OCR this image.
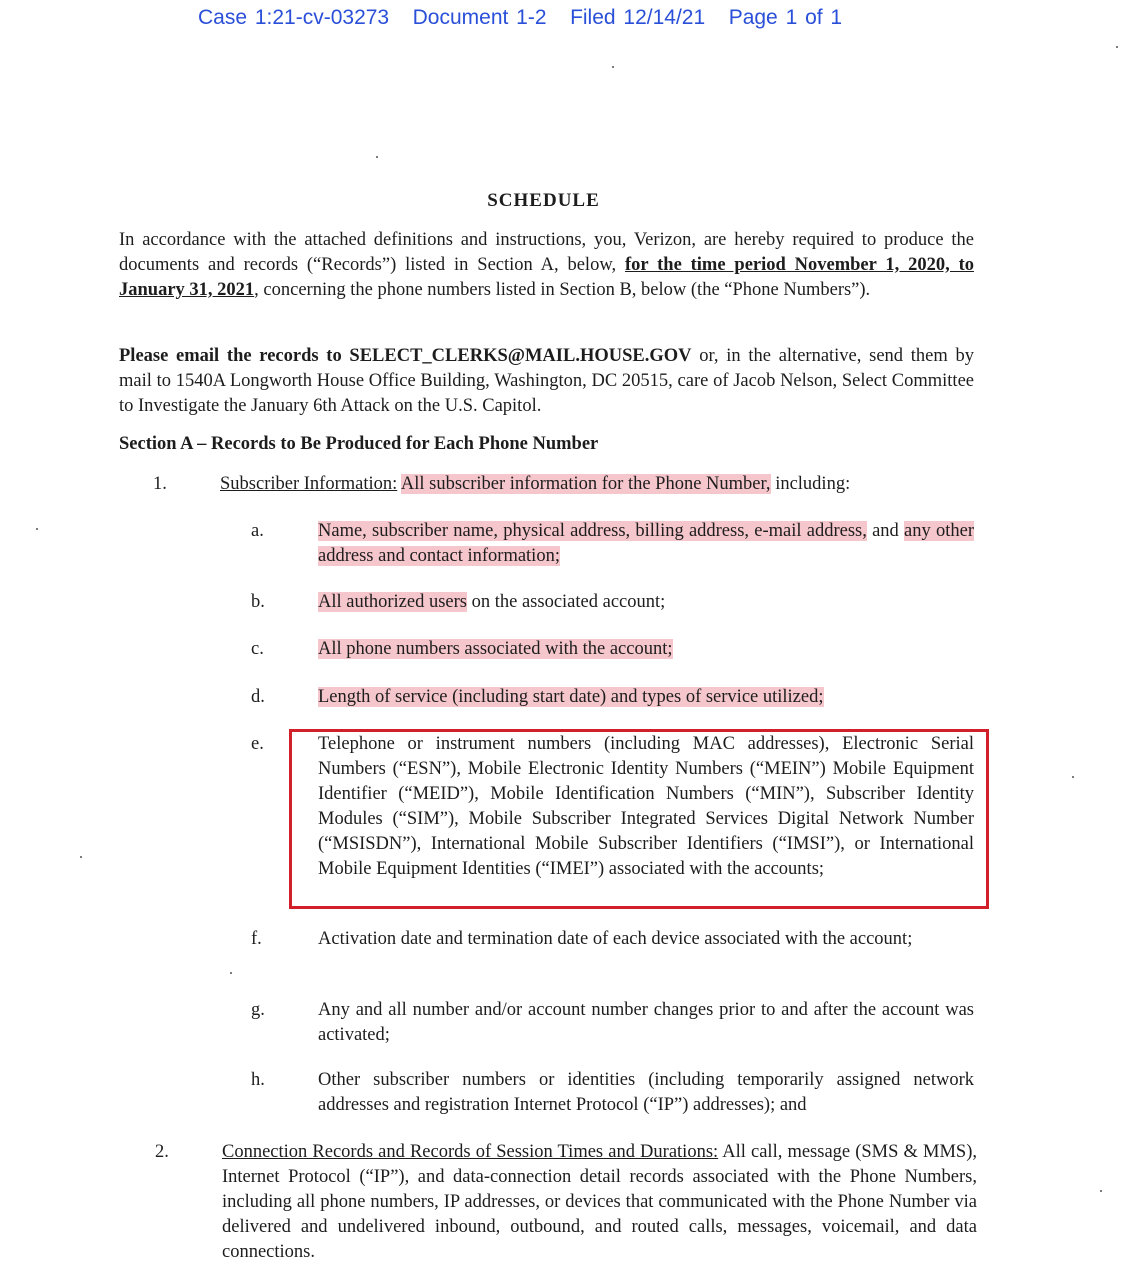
Case 1:21-cv-03273 Document 1-2 Filed 12/14/21 Page 1 of 1
SCHEDULE
In accordance with the attached definitions and instructions, you, Verizon, are hereby required to produce the documents and records (“Records”) listed in Section A, below, for the time period November 1, 2020, to January 31, 2021, concerning the phone numbers listed in Section B, below (the “Phone Numbers”).
Please email the records to SELECT_CLERKS@MAIL.HOUSE.GOV or, in the alternative, send them by mail to 1540A Longworth House Office Building, Washington, DC 20515, care of Jacob Nelson, Select Committee to Investigate the January 6th Attack on the U.S. Capitol.
Section A – Records to Be Produced for Each Phone Number
1.	Subscriber Information: All subscriber information for the Phone Number, including:
a.	Name, subscriber name, physical address, billing address, e-mail address, and any other address and contact information;
b.	All authorized users on the associated account;
c.	All phone numbers associated with the account;
d.	Length of service (including start date) and types of service utilized;
e.	Telephone or instrument numbers (including MAC addresses), Electronic Serial Numbers (“ESN”), Mobile Electronic Identity Numbers (“MEIN”) Mobile Equipment Identifier (“MEID”), Mobile Identification Numbers (“MIN”), Subscriber Identity Modules (“SIM”), Mobile Subscriber Integrated Services Digital Network Number (“MSISDN”), International Mobile Subscriber Identifiers (“IMSI”), or International Mobile Equipment Identities (“IMEI”) associated with the accounts;
f.	Activation date and termination date of each device associated with the account;
g.	Any and all number and/or account number changes prior to and after the account was activated;
h.	Other subscriber numbers or identities (including temporarily assigned network addresses and registration Internet Protocol (“IP”) addresses); and
2.	Connection Records and Records of Session Times and Durations: All call, message (SMS & MMS), Internet Protocol (“IP”), and data-connection detail records associated with the Phone Numbers, including all phone numbers, IP addresses, or devices that communicated with the Phone Number via delivered and undelivered inbound, outbound, and routed calls, messages, voicemail, and data connections.
